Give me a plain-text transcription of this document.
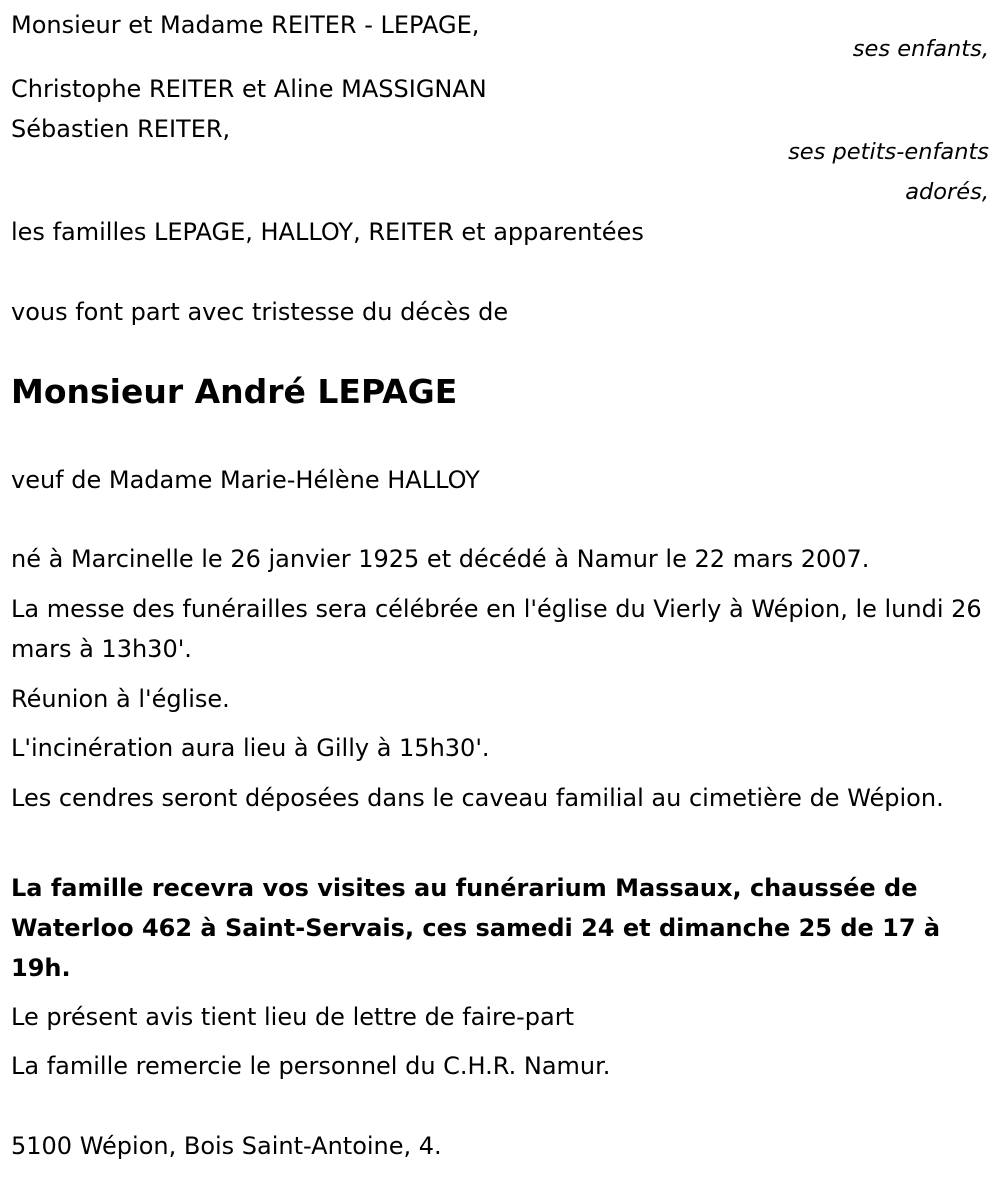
Monsieur et Madame REITER - LEPAGE,
ses enfants,
Christophe REITER et Aline MASSIGNAN
Sébastien REITER,
ses petits-enfants
adorés,
les familles LEPAGE, HALLOY, REITER et apparentées
vous font part avec tristesse du décès de
Monsieur André LEPAGE
veuf de Madame Marie-Hélène HALLOY
né à Marcinelle le 26 janvier 1925 et décédé à Namur le 22 mars 2007.
La messe des funérailles sera célébrée en l'église du Vierly à Wépion, le lundi 26 mars à 13h30'.
Réunion à l'église.
L'incinération aura lieu à Gilly à 15h30'.
Les cendres seront déposées dans le caveau familial au cimetière de Wépion.
La famille recevra vos visites au funérarium Massaux, chaussée de Waterloo 462 à Saint-Servais, ces samedi 24 et dimanche 25 de 17 à 19h.
Le présent avis tient lieu de lettre de faire-part
La famille remercie le personnel du C.H.R. Namur.
5100 Wépion, Bois Saint-Antoine, 4.
